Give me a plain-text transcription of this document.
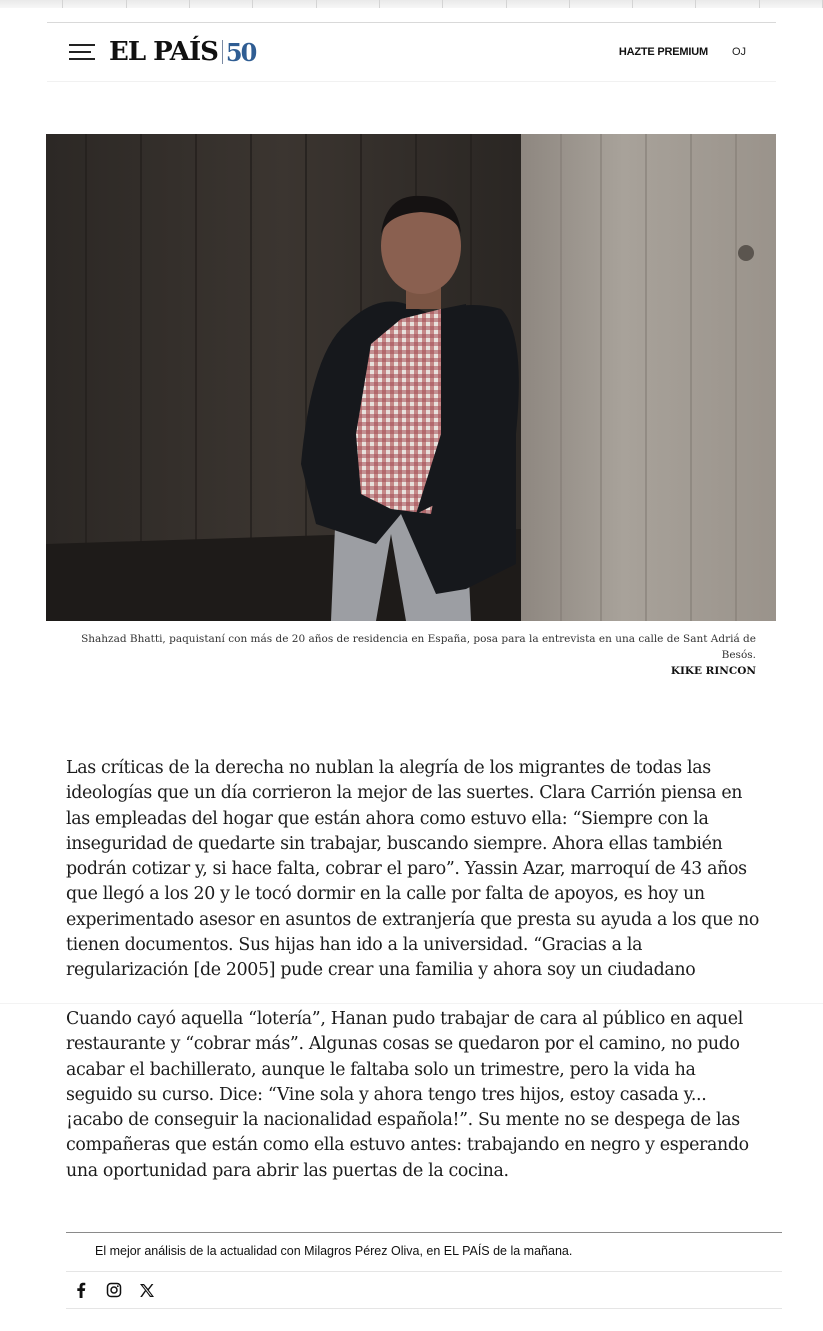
EL PAÍS 50	HAZTE PREMIUM OJ
Shahzad Bhatti, paquistaní con más de 20 años de residencia en España, posa para la entrevista en una calle de Sant Adriá de Besós.
KIKE RINCON
Las críticas de la derecha no nublan la alegría de los migrantes de todas las ideologías que un día corrieron la mejor de las suertes. Clara Carrión piensa en las empleadas del hogar que están ahora como estuvo ella: “Siempre con la inseguridad de quedarte sin trabajar, buscando siempre. Ahora ellas también podrán cotizar y, si hace falta, cobrar el paro”. Yassin Azar, marroquí de 43 años que llegó a los 20 y le tocó dormir en la calle por falta de apoyos, es hoy un experimentado asesor en asuntos de extranjería que presta su ayuda a los que no tienen documentos. Sus hijas han ido a la universidad. “Gracias a la regularización [de 2005] pude crear una familia y ahora soy un ciudadano
Cuando cayó aquella “lotería”, Hanan pudo trabajar de cara al público en aquel restaurante y “cobrar más”. Algunas cosas se quedaron por el camino, no pudo acabar el bachillerato, aunque le faltaba solo un trimestre, pero la vida ha seguido su curso. Dice: “Vine sola y ahora tengo tres hijos, estoy casada y... ¡acabo de conseguir la nacionalidad española!”. Su mente no se despega de las compañeras que están como ella estuvo antes: trabajando en negro y esperando una oportunidad para abrir las puertas de la cocina.
El mejor análisis de la actualidad con Milagros Pérez Oliva, en EL PAÍS de la mañana.
